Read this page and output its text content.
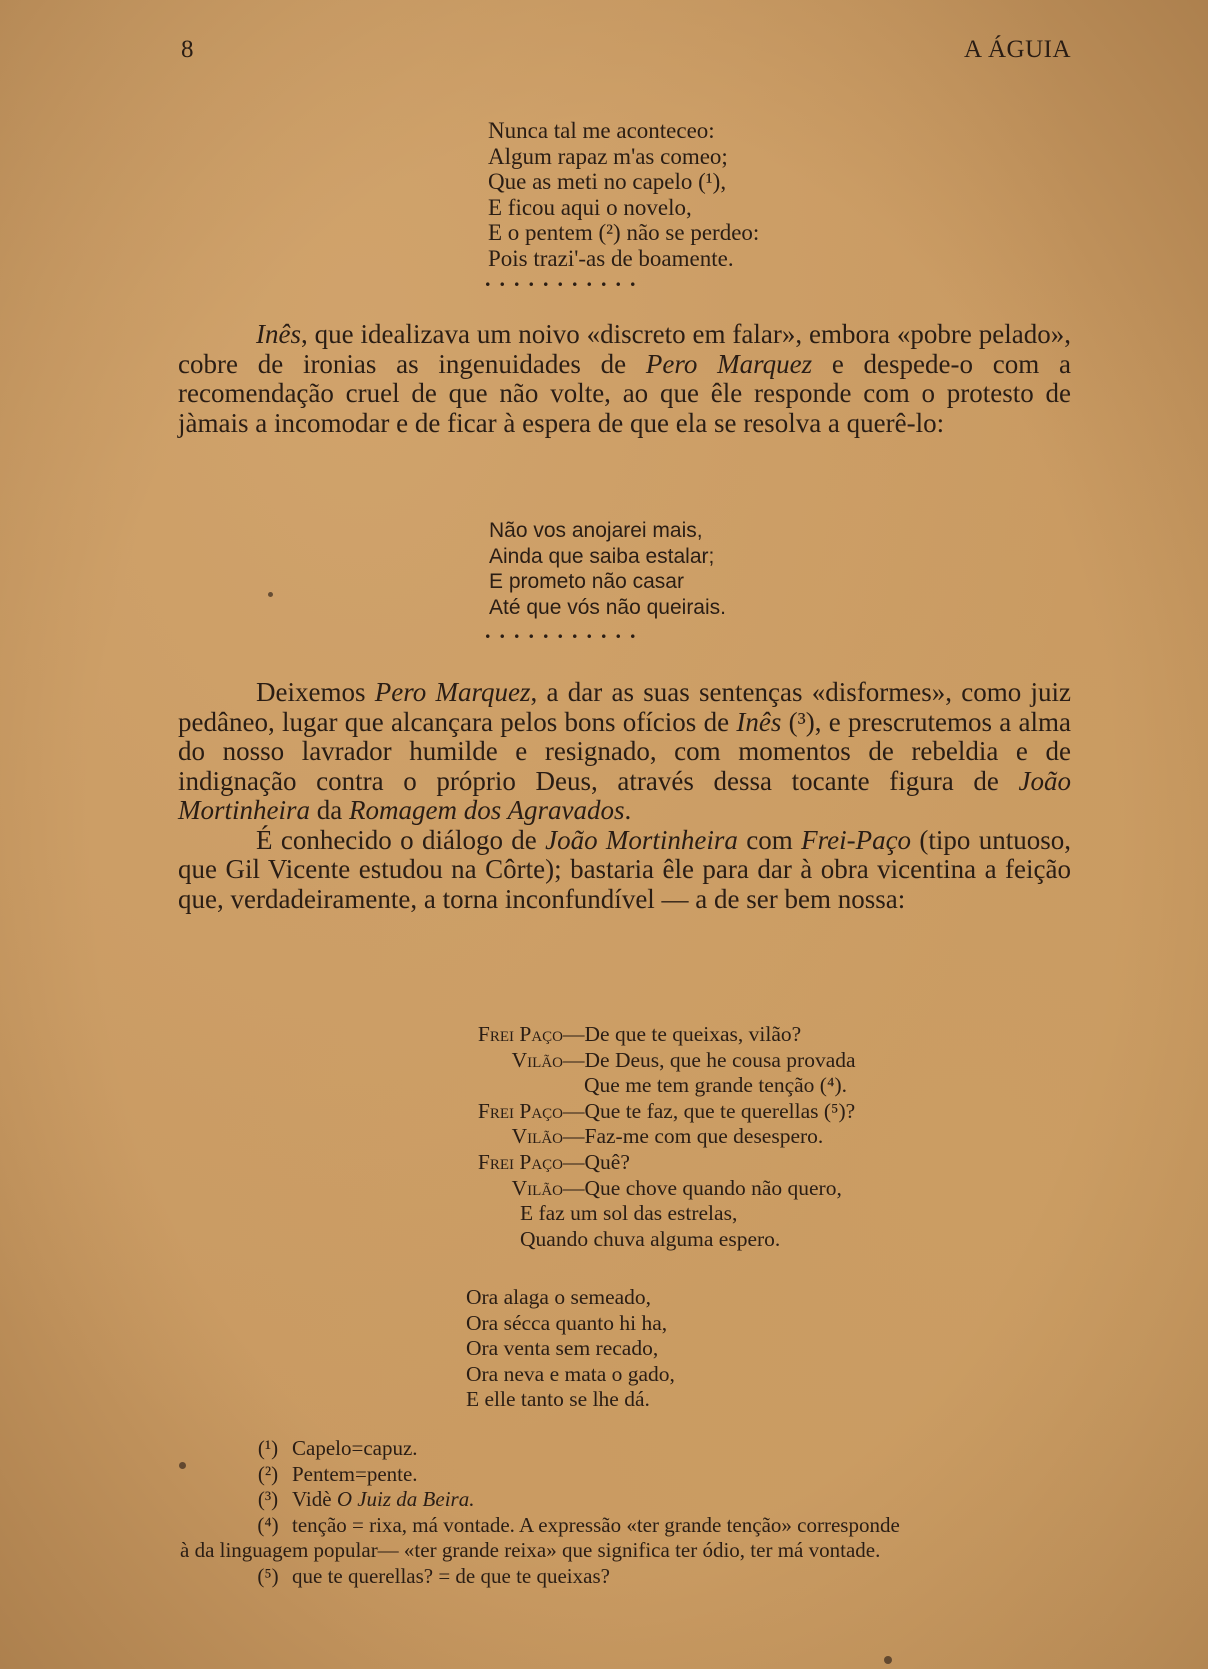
8	A ÁGUIA
Nunca tal me aconteceo:
Algum rapaz m'as comeo;
Que as meti no capelo (¹),
E ficou aqui o novelo,
E o pentem (²) não se perdeo:
Pois trazi'-as de boamente.
...........

Inês, que idealizava um noivo «discreto em falar», embora «pobre pelado», cobre de ironias as ingenuidades de Pero Marquez e despede-o com a recomendação cruel de que não volte, ao que êle responde com o protesto de jàmais a incomodar e de ficar à espera de que ela se resolva a querê-lo:

Não vos anojarei mais,
Ainda que saiba estalar;
E prometo não casar
Até que vós não queirais.
...........

Deixemos Pero Marquez, a dar as suas sentenças «disformes», como juiz pedâneo, lugar que alcançara pelos bons ofícios de Inês (³), e prescrutemos a alma do nosso lavrador humilde e resignado, com momentos de rebeldia e de indignação contra o próprio Deus, através dessa tocante figura de João Mortinheira da Romagem dos Agravados.

É conhecido o diálogo de João Mortinheira com Frei-Paço (tipo untuoso, que Gil Vicente estudou na Côrte); bastaria êle para dar à obra vicentina a feição que, verdadeiramente, a torna inconfundível — a de ser bem nossa:

Frei Paço—De que te queixas, vilão?
Vilão—De Deus, que he cousa provada
Que me tem grande tenção (⁴).
Frei Paço—Que te faz, que te querellas (⁵)?
Vilão—Faz-me com que desespero.
Frei Paço—Quê?
Vilão—Que chove quando não quero,
E faz um sol das estrelas,
Quando chuva alguma espero.
Ora alaga o semeado,
Ora sécca quanto hi ha,
Ora venta sem recado,
Ora neva e mata o gado,
E elle tanto se lhe dá.
(¹) Capelo=capuz.
(²) Pentem=pente.
(³) Vidè O Juiz da Beira.
(⁴) tenção = rixa, má vontade. A expressão «ter grande tenção» corresponde
à da linguagem popular— «ter grande reixa» que significa ter ódio, ter má vontade.
(⁵) que te querellas? = de que te queixas?
